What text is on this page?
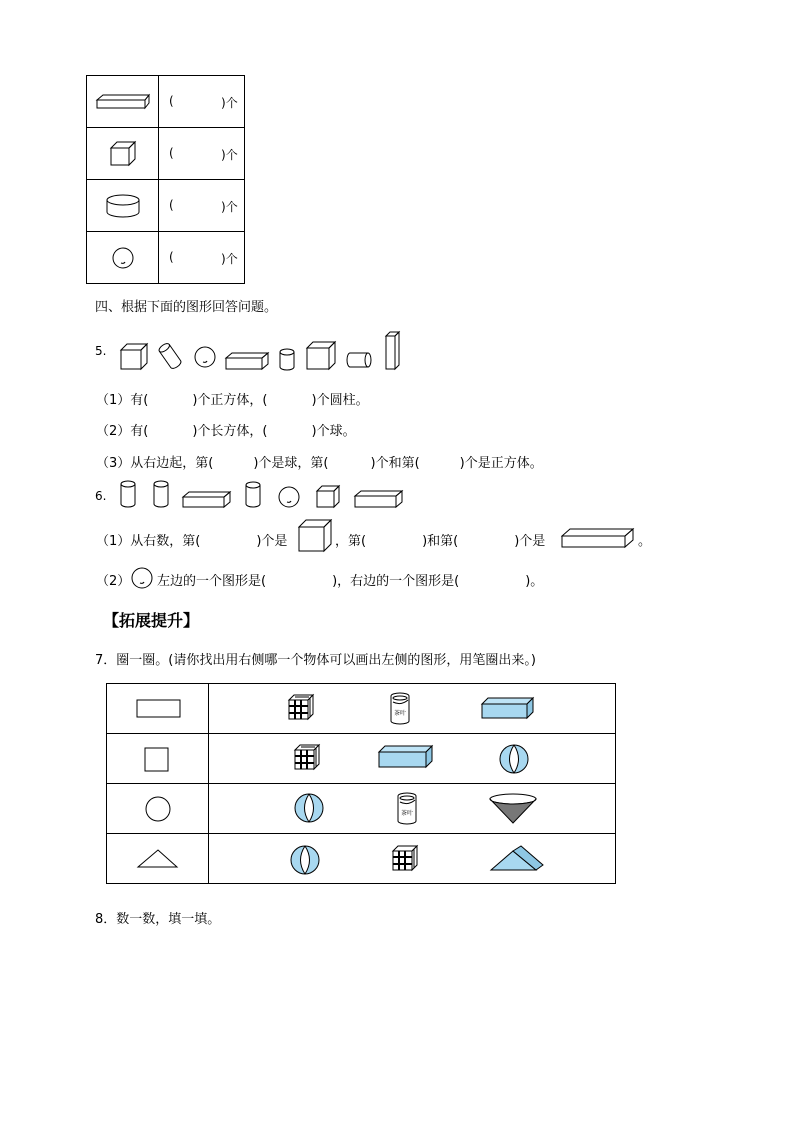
( )个

( )个

( )个

( )个
四、根据下面的图形回答问题。
5.
（1）有(	)个正方体，(	)个圆柱。
（2）有(	)个长方体，(	)个球。
（3）从右边起，第(	)个是球，第(	)个和第(	)个是正方体。
6.
（1）从右数，第(	)个是	，第(	)和第(	)个是	。
（2） 左边的一个图形是(	)，右边的一个图形是(	)。
【拓展提升】
7．圈一圈。(请你找出用右侧哪一个物体可以画出左侧的图形，用笔圈出来。)

茶叶

茶叶

8．数一数，填一填。
